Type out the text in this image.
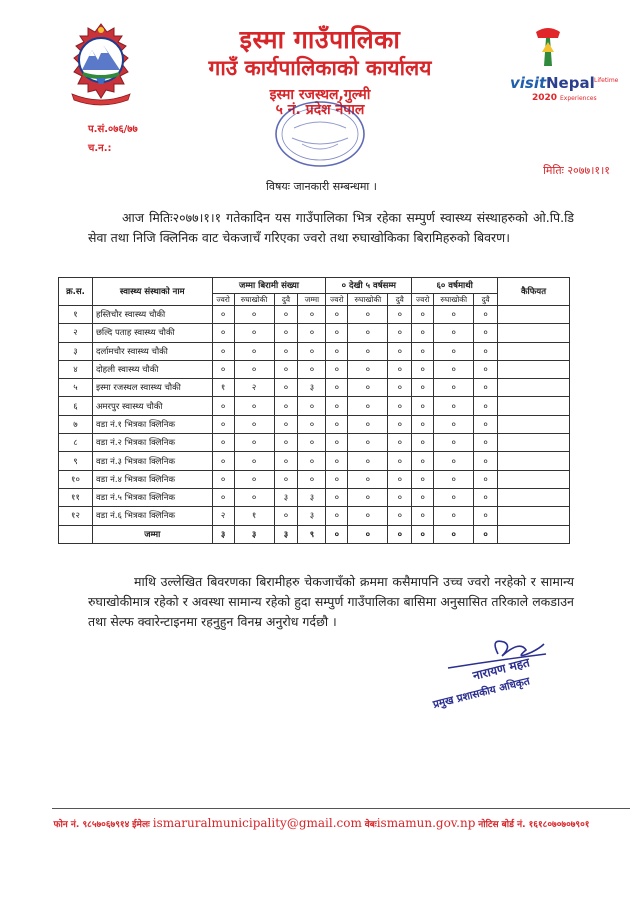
इस्मा गाउँपालिका
गाउँ कार्यपालिकाको कार्यालय
इस्मा रजस्थल,गुल्मी
५ नं. प्रदेश नेपाल
visit Nepal Lifetime
2020 Experiences
प.सं.०७६/७७
च.न.:
मितिः २०७७।१।१
विषयः जानकारी सम्बन्धमा ।
आज मितिः२०७७।१।१ गतेकादिन यस गाउँपालिका भित्र रहेका सम्पुर्ण स्वास्थ्य संस्थाहरुको ओ.पि.डि सेवा तथा निजि क्लिनिक वाट चेकजाचँ गरिएका ज्वरो तथा रुघाखोकिका बिरामिहरुको बिवरण।
क्र.स.	स्वास्थ्य संस्थाको नाम	जम्मा बिरामी संख्या				० देखी ५ वर्षसम्म			६० वर्षमाथी			कैफियत
		ज्वरो	रुघाखोकी	दुवै	जम्मा	ज्वरो	रुघाखोकी	दुवै	ज्वरो	रुघाखोकी	दुवै	
१	हस्तिचौर स्वास्थ्य चौकी	०	०	०	०	०	०	०	०	०	०	
२	छल्दि पताह स्वास्थ्य चौकी	०	०	०	०	०	०	०	०	०	०	
३	दर्लामचौर स्वास्थ्य चौकी	०	०	०	०	०	०	०	०	०	०	
४	दोहली स्वास्थ्य चौकी	०	०	०	०	०	०	०	०	०	०	
५	इस्मा रजस्थल स्वास्थ्य चौकी	१	२	०	३	०	०	०	०	०	०	
६	अमरपुर स्वास्थ्य चौकी	०	०	०	०	०	०	०	०	०	०	
७	वडा नं.१ भित्रका क्लिनिक	०	०	०	०	०	०	०	०	०	०	
८	वडा नं.२ भित्रका क्लिनिक	०	०	०	०	०	०	०	०	०	०	
९	वडा नं.३ भित्रका क्लिनिक	०	०	०	०	०	०	०	०	०	०	
१०	वडा नं.४ भित्रका क्लिनिक	०	०	०	०	०	०	०	०	०	०	
११	वडा नं.५ भित्रका क्लिनिक	०	०	३	३	०	०	०	०	०	०	
१२	वडा नं.६ भित्रका क्लिनिक	२	१	०	३	०	०	०	०	०	०	
	जम्मा	३	३	३	९	०	०	०	०	०	०	
माथि उल्लेखित बिवरणका बिरामीहरु चेकजाचँको क्रममा कसैमापनि उच्च ज्वरो नरहेको र सामान्य रुघाखोकीमात्र रहेको र अवस्था सामान्य रहेको हुदा सम्पुर्ण गाउँपालिका बासिमा अनुसासित तरिकाले लकडाउन तथा सेल्फ क्वारेन्टाइनमा रहनुहुन विनम्र अनुरोध गर्दछौ ।
नारायण महत
प्रमुख प्रशासकीय अधिकृत
फोन नं. ९८५७०६७९१४ ईमेलः ismaruralmunicipality@gmail.com वेबःismamun.gov.np नोटिस बोर्ड नं. १६१८०७०७०७९०१
